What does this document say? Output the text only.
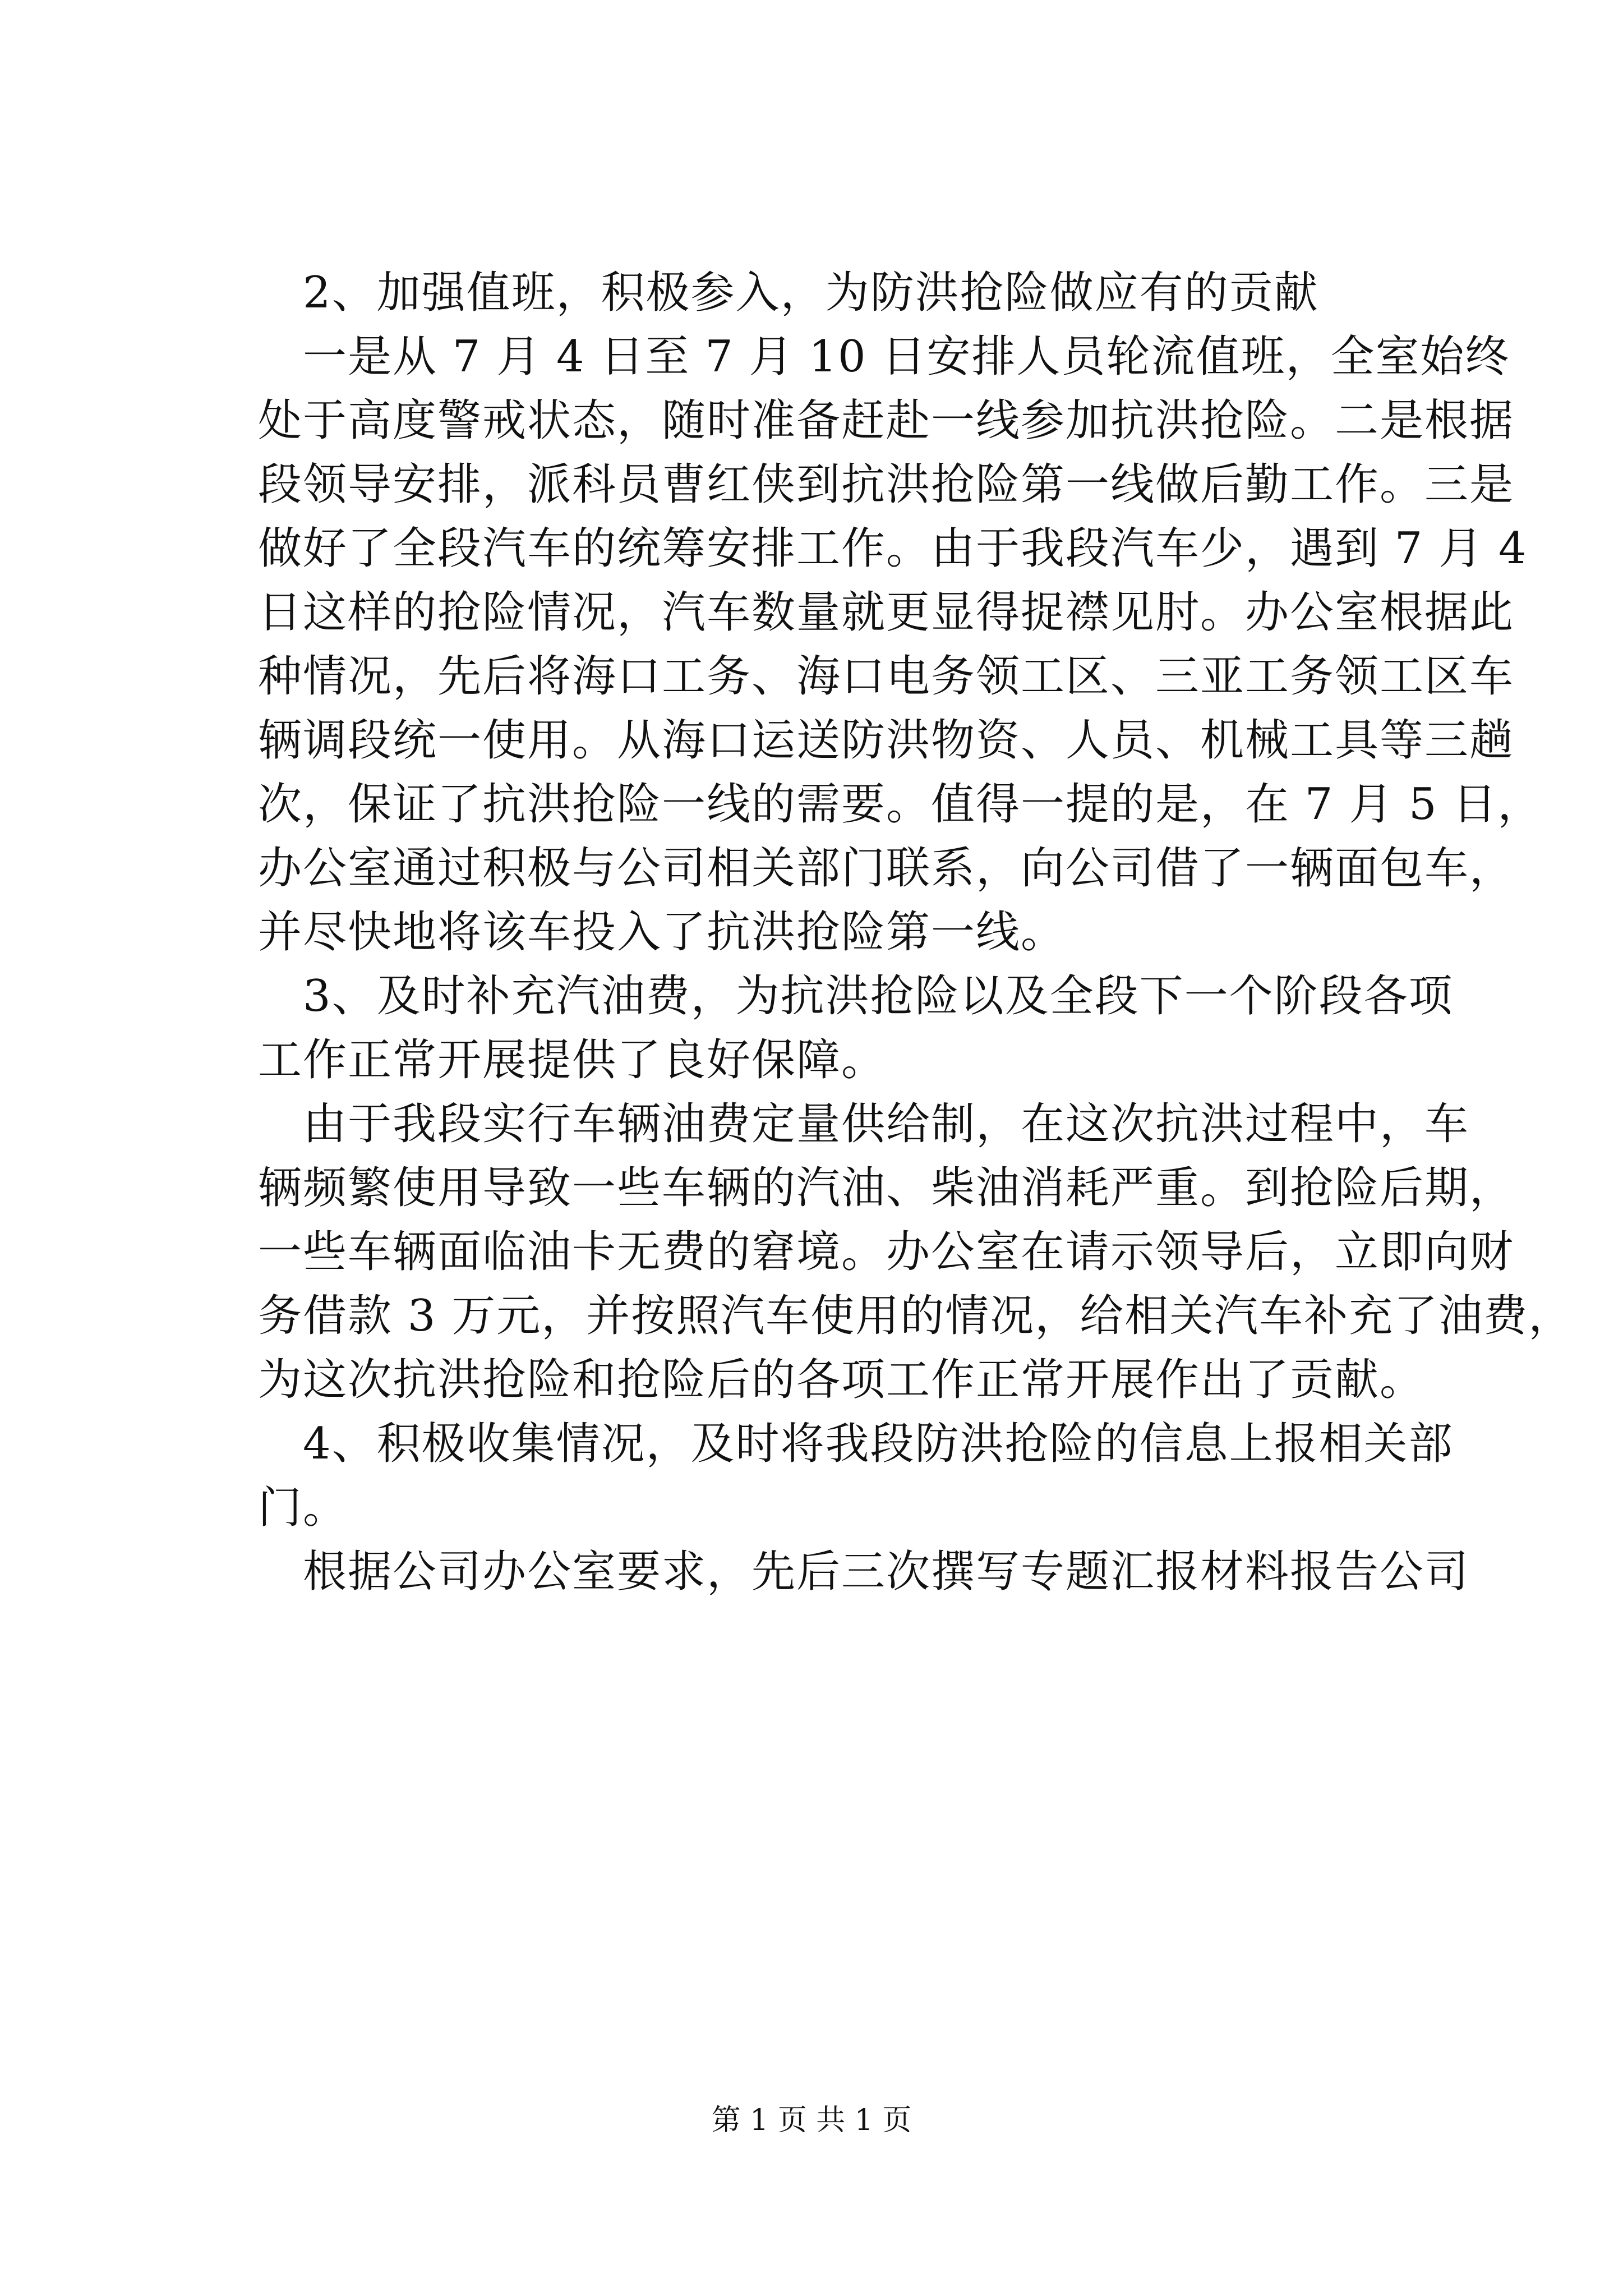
2、加强值班，积极参入，为防洪抢险做应有的贡献
一是从 7 月 4 日至 7 月 10 日安排人员轮流值班，全室始终
处于高度警戒状态，随时准备赶赴一线参加抗洪抢险。二是根据
段领导安排，派科员曹红侠到抗洪抢险第一线做后勤工作。三是
做好了全段汽车的统筹安排工作。由于我段汽车少，遇到 7 月 4
日这样的抢险情况，汽车数量就更显得捉襟见肘。办公室根据此
种情况，先后将海口工务、海口电务领工区、三亚工务领工区车
辆调段统一使用。从海口运送防洪物资、人员、机械工具等三趟
次，保证了抗洪抢险一线的需要。值得一提的是，在 7 月 5 日，
办公室通过积极与公司相关部门联系，向公司借了一辆面包车，
并尽快地将该车投入了抗洪抢险第一线。
3、及时补充汽油费，为抗洪抢险以及全段下一个阶段各项
工作正常开展提供了良好保障。
由于我段实行车辆油费定量供给制，在这次抗洪过程中，车
辆频繁使用导致一些车辆的汽油、柴油消耗严重。到抢险后期，
一些车辆面临油卡无费的窘境。办公室在请示领导后，立即向财
务借款 3 万元，并按照汽车使用的情况，给相关汽车补充了油费，
为这次抗洪抢险和抢险后的各项工作正常开展作出了贡献。
4、积极收集情况，及时将我段防洪抢险的信息上报相关部
门。
根据公司办公室要求，先后三次撰写专题汇报材料报告公司
第 1 页 共 1 页
